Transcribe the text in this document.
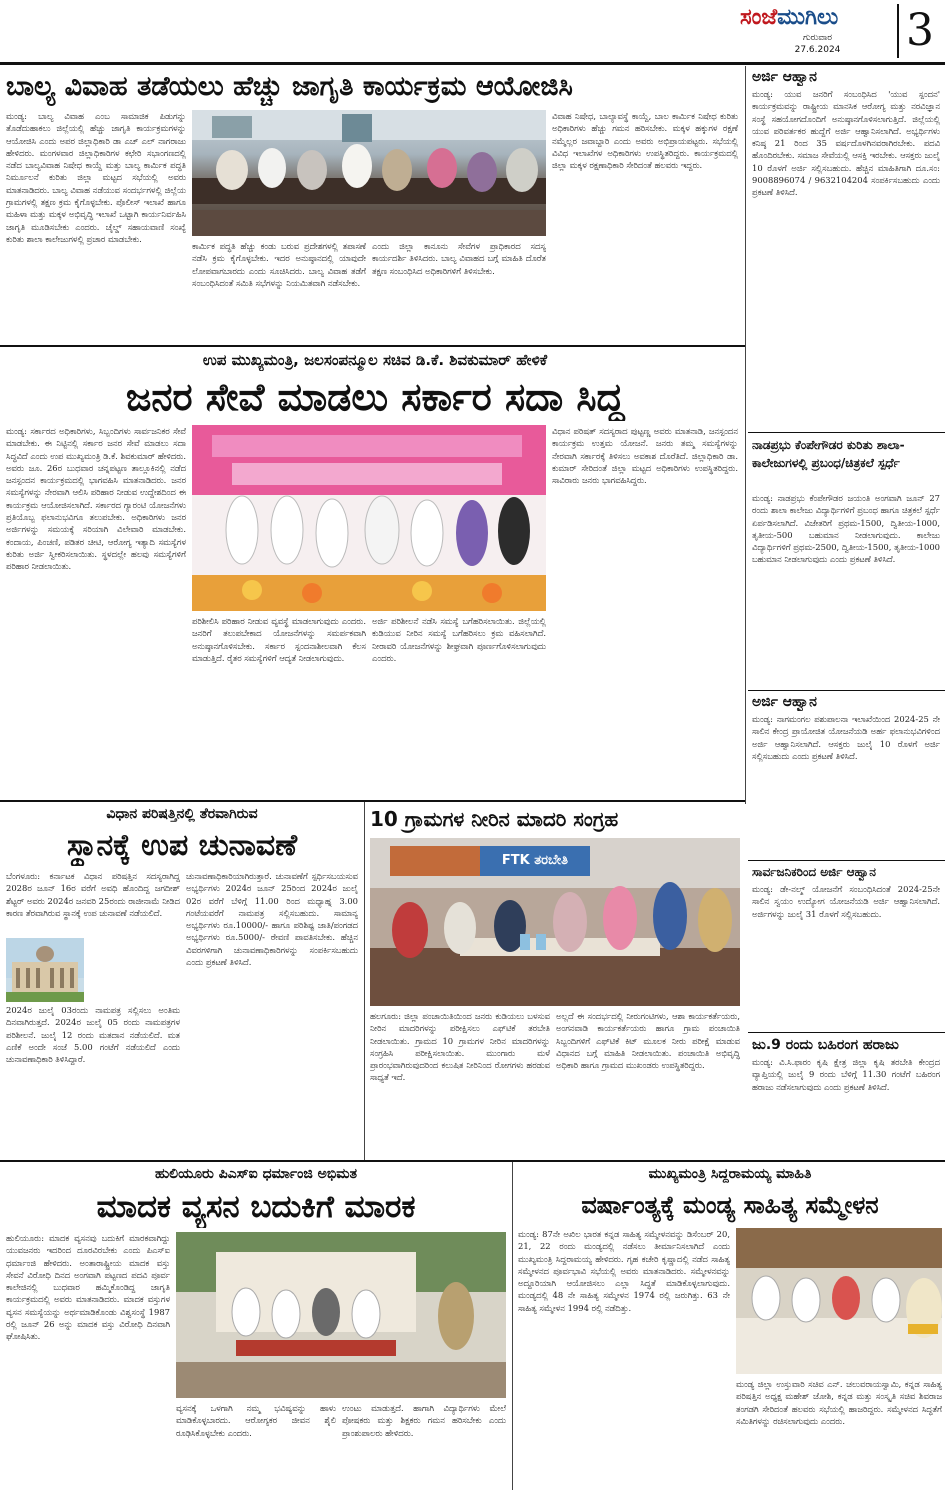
ಸಂಜೆಮುಗಿಲು
ಗುರುವಾರ
27.6.2024	3
ಬಾಲ್ಯ ವಿವಾಹ ತಡೆಯಲು ಹೆಚ್ಚು ಜಾಗೃತಿ ಕಾರ್ಯಕ್ರಮ ಆಯೋಜಿಸಿ
ಮಂಡ್ಯ: ಬಾಲ್ಯ ವಿವಾಹ ಎಂಬ ಸಾಮಾಜಿಕ ಪಿಡುಗನ್ನು ತೊಡೆದುಹಾಕಲು ಜಿಲ್ಲೆಯಲ್ಲಿ ಹೆಚ್ಚು ಜಾಗೃತಿ ಕಾರ್ಯಕ್ರಮಗಳನ್ನು ಆಯೋಜಿಸಿ ಎಂದು ಅಪರ ಜಿಲ್ಲಾಧಿಕಾರಿ ಡಾ ಎಚ್ ಎಲ್ ನಾಗರಾಜು ಹೇಳಿದರು. ಮಂಗಳವಾರ ಜಿಲ್ಲಾಧಿಕಾರಿಗಳ ಕಛೇರಿ ಸಭಾಂಗಣದಲ್ಲಿ ನಡೆದ ಬಾಲ್ಯವಿವಾಹ ನಿಷೇಧ ಕಾಯ್ದೆ ಮತ್ತು ಬಾಲ್ಯ ಕಾರ್ಮಿಕ ಪದ್ಧತಿ ನಿರ್ಮೂಲನೆ ಕುರಿತು ಜಿಲ್ಲಾ ಮಟ್ಟದ ಸಭೆಯಲ್ಲಿ ಅವರು ಮಾತನಾಡಿದರು. ಬಾಲ್ಯ ವಿವಾಹ ನಡೆಯುವ ಸಂದರ್ಭಗಳಲ್ಲಿ ಜಿಲ್ಲೆಯ ಗ್ರಾಮಗಳಲ್ಲಿ ತಕ್ಷಣ ಕ್ರಮ ಕೈಗೊಳ್ಳಬೇಕು. ಪೊಲೀಸ್ ಇಲಾಖೆ ಹಾಗೂ ಮಹಿಳಾ ಮತ್ತು ಮಕ್ಕಳ ಅಭಿವೃದ್ಧಿ ಇಲಾಖೆ ಒಟ್ಟಾಗಿ ಕಾರ್ಯನಿರ್ವಹಿಸಿ ಜಾಗೃತಿ ಮೂಡಿಸಬೇಕು ಎಂದರು. ಚೈಲ್ಡ್ ಸಹಾಯವಾಣಿ ಸಂಖ್ಯೆ ಕುರಿತು ಶಾಲಾ ಕಾಲೇಜುಗಳಲ್ಲಿ ಪ್ರಚಾರ ಮಾಡಬೇಕು.
ಕಾರ್ಮಿಕ ಪದ್ಧತಿ ಹೆಚ್ಚು ಕಂಡು ಬರುವ ಪ್ರದೇಶಗಳಲ್ಲಿ ತಪಾಸಣೆ ನಡೆಸಿ ಕ್ರಮ ಕೈಗೊಳ್ಳಬೇಕು. ಇದರ ಅನುಷ್ಠಾನದಲ್ಲಿ ಯಾವುದೇ ಲೋಪವಾಗಬಾರದು ಎಂದು ಸೂಚಿಸಿದರು. ಬಾಲ್ಯ ವಿವಾಹ ತಡೆಗೆ ಸಂಬಂಧಿಸಿದಂತೆ ಸಮಿತಿ ಸಭೆಗಳನ್ನು ನಿಯಮಿತವಾಗಿ ನಡೆಸಬೇಕು.
ಎಂದು ಜಿಲ್ಲಾ ಕಾನೂನು ಸೇವೆಗಳ ಪ್ರಾಧಿಕಾರದ ಸದಸ್ಯ ಕಾರ್ಯದರ್ಶಿ ತಿಳಿಸಿದರು. ಬಾಲ್ಯ ವಿವಾಹದ ಬಗ್ಗೆ ಮಾಹಿತಿ ದೊರೆತ ತಕ್ಷಣ ಸಂಬಂಧಿಸಿದ ಅಧಿಕಾರಿಗಳಿಗೆ ತಿಳಿಸಬೇಕು.
ವಿವಾಹ ನಿಷೇಧ, ಬಾಲ್ಯಾವಸ್ಥೆ ಕಾಯ್ದೆ, ಬಾಲ ಕಾರ್ಮಿಕ ನಿಷೇಧ ಕುರಿತು ಅಧಿಕಾರಿಗಳು ಹೆಚ್ಚು ಗಮನ ಹರಿಸಬೇಕು. ಮಕ್ಕಳ ಹಕ್ಕುಗಳ ರಕ್ಷಣೆ ನಮ್ಮೆಲ್ಲರ ಜವಾಬ್ದಾರಿ ಎಂದು ಅವರು ಅಭಿಪ್ರಾಯಪಟ್ಟರು. ಸಭೆಯಲ್ಲಿ ವಿವಿಧ ಇಲಾಖೆಗಳ ಅಧಿಕಾರಿಗಳು ಉಪಸ್ಥಿತರಿದ್ದರು. ಕಾರ್ಯಕ್ರಮದಲ್ಲಿ ಜಿಲ್ಲಾ ಮಕ್ಕಳ ರಕ್ಷಣಾಧಿಕಾರಿ ಸೇರಿದಂತೆ ಹಲವರು ಇದ್ದರು.
ಉಪ ಮುಖ್ಯಮಂತ್ರಿ, ಜಲಸಂಪನ್ಮೂಲ ಸಚಿವ ಡಿ.ಕೆ. ಶಿವಕುಮಾರ್ ಹೇಳಿಕೆ
ಜನರ ಸೇವೆ ಮಾಡಲು ಸರ್ಕಾರ ಸದಾ ಸಿದ್ಧ
ಮಂಡ್ಯ: ಸರ್ಕಾರದ ಅಧಿಕಾರಿಗಳು, ಸಿಬ್ಬಂದಿಗಳು ಸಾರ್ವಜನಿಕರ ಸೇವೆ ಮಾಡಬೇಕು. ಈ ನಿಟ್ಟಿನಲ್ಲಿ ಸರ್ಕಾರ ಜನರ ಸೇವೆ ಮಾಡಲು ಸದಾ ಸಿದ್ಧವಿದೆ ಎಂದು ಉಪ ಮುಖ್ಯಮಂತ್ರಿ ಡಿ.ಕೆ. ಶಿವಕುಮಾರ್ ಹೇಳಿದರು. ಅವರು ಜೂ. 26ರ ಬುಧವಾರ ಚನ್ನಪಟ್ಟಣ ತಾಲ್ಲೂಕಿನಲ್ಲಿ ನಡೆದ ಜನಸ್ಪಂದನ ಕಾರ್ಯಕ್ರಮದಲ್ಲಿ ಭಾಗವಹಿಸಿ ಮಾತನಾಡಿದರು. ಜನರ ಸಮಸ್ಯೆಗಳನ್ನು ನೇರವಾಗಿ ಆಲಿಸಿ ಪರಿಹಾರ ನೀಡುವ ಉದ್ದೇಶದಿಂದ ಈ ಕಾರ್ಯಕ್ರಮ ಆಯೋಜಿಸಲಾಗಿದೆ. ಸರ್ಕಾರದ ಗ್ಯಾರಂಟಿ ಯೋಜನೆಗಳು ಪ್ರತಿಯೊಬ್ಬ ಫಲಾನುಭವಿಗೂ ತಲುಪಬೇಕು. ಅಧಿಕಾರಿಗಳು ಜನರ ಅರ್ಜಿಗಳನ್ನು ಸಮಯಕ್ಕೆ ಸರಿಯಾಗಿ ವಿಲೇವಾರಿ ಮಾಡಬೇಕು. ಕಂದಾಯ, ಪಿಂಚಣಿ, ಪಡಿತರ ಚೀಟಿ, ಆರೋಗ್ಯ ಇತ್ಯಾದಿ ಸಮಸ್ಯೆಗಳ ಕುರಿತು ಅರ್ಜಿ ಸ್ವೀಕರಿಸಲಾಯಿತು. ಸ್ಥಳದಲ್ಲೇ ಹಲವು ಸಮಸ್ಯೆಗಳಿಗೆ ಪರಿಹಾರ ನೀಡಲಾಯಿತು.
ಪರಿಶೀಲಿಸಿ ಪರಿಹಾರ ನೀಡುವ ವ್ಯವಸ್ಥೆ ಮಾಡಲಾಗುವುದು ಎಂದರು. ಜನರಿಗೆ ತಲುಪಬೇಕಾದ ಯೋಜನೆಗಳನ್ನು ಸಮರ್ಪಕವಾಗಿ ಅನುಷ್ಠಾನಗೊಳಿಸಬೇಕು. ಸರ್ಕಾರ ಸ್ಪಂದನಾಶೀಲವಾಗಿ ಕೆಲಸ ಮಾಡುತ್ತಿದೆ. ರೈತರ ಸಮಸ್ಯೆಗಳಿಗೆ ಆದ್ಯತೆ ನೀಡಲಾಗುವುದು.
ಅರ್ಜಿ ಪರಿಶೀಲನೆ ನಡೆಸಿ ಸಮಸ್ಯೆ ಬಗೆಹರಿಸಲಾಯಿತು. ಜಿಲ್ಲೆಯಲ್ಲಿ ಕುಡಿಯುವ ನೀರಿನ ಸಮಸ್ಯೆ ಬಗೆಹರಿಸಲು ಕ್ರಮ ವಹಿಸಲಾಗಿದೆ. ನೀರಾವರಿ ಯೋಜನೆಗಳನ್ನು ಶೀಘ್ರವಾಗಿ ಪೂರ್ಣಗೊಳಿಸಲಾಗುವುದು ಎಂದರು.
ವಿಧಾನ ಪರಿಷತ್ ಸದಸ್ಯರಾದ ಪುಟ್ಟಣ್ಣ ಅವರು ಮಾತನಾಡಿ, ಜನಸ್ಪಂದನ ಕಾರ್ಯಕ್ರಮ ಉತ್ತಮ ಯೋಜನೆ. ಜನರು ತಮ್ಮ ಸಮಸ್ಯೆಗಳನ್ನು ನೇರವಾಗಿ ಸರ್ಕಾರಕ್ಕೆ ತಿಳಿಸಲು ಅವಕಾಶ ದೊರೆತಿದೆ. ಜಿಲ್ಲಾಧಿಕಾರಿ ಡಾ. ಕುಮಾರ್ ಸೇರಿದಂತೆ ಜಿಲ್ಲಾ ಮಟ್ಟದ ಅಧಿಕಾರಿಗಳು ಉಪಸ್ಥಿತರಿದ್ದರು. ಸಾವಿರಾರು ಜನರು ಭಾಗವಹಿಸಿದ್ದರು.
ಅರ್ಜಿ ಆಹ್ವಾನ
ಮಂಡ್ಯ: ಯುವ ಜನರಿಗೆ ಸಂಬಂಧಿಸಿದ 'ಯುವ ಸ್ಪಂದನ' ಕಾರ್ಯಕ್ರಮವನ್ನು ರಾಷ್ಟ್ರೀಯ ಮಾನಸಿಕ ಆರೋಗ್ಯ ಮತ್ತು ನರವಿಜ್ಞಾನ ಸಂಸ್ಥೆ ಸಹಯೋಗದೊಂದಿಗೆ ಅನುಷ್ಠಾನಗೊಳಿಸಲಾಗುತ್ತಿದೆ. ಜಿಲ್ಲೆಯಲ್ಲಿ ಯುವ ಪರಿವರ್ತಕರ ಹುದ್ದೆಗೆ ಅರ್ಜಿ ಆಹ್ವಾನಿಸಲಾಗಿದೆ. ಅಭ್ಯರ್ಥಿಗಳು ಕನಿಷ್ಠ 21 ರಿಂದ 35 ವರ್ಷದೊಳಗಿನವರಾಗಿರಬೇಕು. ಪದವಿ ಹೊಂದಿರಬೇಕು. ಸಮಾಜ ಸೇವೆಯಲ್ಲಿ ಆಸಕ್ತಿ ಇರಬೇಕು. ಆಸಕ್ತರು ಜುಲೈ 10 ರೊಳಗೆ ಅರ್ಜಿ ಸಲ್ಲಿಸಬಹುದು. ಹೆಚ್ಚಿನ ಮಾಹಿತಿಗಾಗಿ ದೂ.ಸಂ: 9008896074 / 9632104204 ಸಂಪರ್ಕಿಸಬಹುದು ಎಂದು ಪ್ರಕಟಣೆ ತಿಳಿಸಿದೆ.
ನಾಡಪ್ರಭು ಕೆಂಪೇಗೌಡರ ಕುರಿತು ಶಾಲಾ-ಕಾಲೇಜುಗಳಲ್ಲಿ ಪ್ರಬಂಧ/ಚಿತ್ರಕಲೆ ಸ್ಪರ್ಧೆ
ಮಂಡ್ಯ: ನಾಡಪ್ರಭು ಕೆಂಪೇಗೌಡರ ಜಯಂತಿ ಅಂಗವಾಗಿ ಜೂನ್ 27 ರಂದು ಶಾಲಾ ಕಾಲೇಜು ವಿದ್ಯಾರ್ಥಿಗಳಿಗೆ ಪ್ರಬಂಧ ಹಾಗೂ ಚಿತ್ರಕಲೆ ಸ್ಪರ್ಧೆ ಏರ್ಪಡಿಸಲಾಗಿದೆ. ವಿಜೇತರಿಗೆ ಪ್ರಥಮ-1500, ದ್ವಿತೀಯ-1000, ತೃತೀಯ-500 ಬಹುಮಾನ ನೀಡಲಾಗುವುದು. ಕಾಲೇಜು ವಿದ್ಯಾರ್ಥಿಗಳಿಗೆ ಪ್ರಥಮ-2500, ದ್ವಿತೀಯ-1500, ತೃತೀಯ-1000 ಬಹುಮಾನ ನೀಡಲಾಗುವುದು ಎಂದು ಪ್ರಕಟಣೆ ತಿಳಿಸಿದೆ.
ಅರ್ಜಿ ಆಹ್ವಾನ
ಮಂಡ್ಯ: ನಾಗಮಂಗಲ ಪಶುಪಾಲನಾ ಇಲಾಖೆಯಿಂದ 2024-25 ನೇ ಸಾಲಿನ ಕೇಂದ್ರ ಪ್ರಾಯೋಜಿತ ಯೋಜನೆಯಡಿ ಅರ್ಹ ಫಲಾನುಭವಿಗಳಿಂದ ಅರ್ಜಿ ಆಹ್ವಾನಿಸಲಾಗಿದೆ. ಆಸಕ್ತರು ಜುಲೈ 10 ರೊಳಗೆ ಅರ್ಜಿ ಸಲ್ಲಿಸಬಹುದು ಎಂದು ಪ್ರಕಟಣೆ ತಿಳಿಸಿದೆ.
ಸಾರ್ವಜನಿಕರಿಂದ ಅರ್ಜಿ ಆಹ್ವಾನ
ಮಂಡ್ಯ: ಡೇ-ನಲ್ಮ್ ಯೋಜನೆಗೆ ಸಂಬಂಧಿಸಿದಂತೆ 2024-25ನೇ ಸಾಲಿನ ಸ್ವಯಂ ಉದ್ಯೋಗ ಯೋಜನೆಯಡಿ ಅರ್ಜಿ ಆಹ್ವಾನಿಸಲಾಗಿದೆ. ಅರ್ಜಿಗಳನ್ನು ಜುಲೈ 31 ರೊಳಗೆ ಸಲ್ಲಿಸಬಹುದು.
ಜು.9 ರಂದು ಬಹಿರಂಗ ಹರಾಜು
ಮಂಡ್ಯ: ವಿ.ಸಿ.ಫಾರಂ ಕೃಷಿ ಕ್ಷೇತ್ರ ಜಿಲ್ಲಾ ಕೃಷಿ ತರಬೇತಿ ಕೇಂದ್ರದ ವ್ಯಾಪ್ತಿಯಲ್ಲಿ ಜುಲೈ 9 ರಂದು ಬೆಳಿಗ್ಗೆ 11.30 ಗಂಟೆಗೆ ಬಹಿರಂಗ ಹರಾಜು ನಡೆಸಲಾಗುವುದು ಎಂದು ಪ್ರಕಟಣೆ ತಿಳಿಸಿದೆ.
ವಿಧಾನ ಪರಿಷತ್ತಿನಲ್ಲಿ ತೆರವಾಗಿರುವ
ಸ್ಥಾನಕ್ಕೆ ಉಪ ಚುನಾವಣೆ
ಬೆಂಗಳೂರು: ಕರ್ನಾಟಕ ವಿಧಾನ ಪರಿಷತ್ತಿನ ಸದಸ್ಯರಾಗಿದ್ದ 2028ರ ಜೂನ್ 16ರ ವರೆಗೆ ಅವಧಿ ಹೊಂದಿದ್ದ ಜಗದೀಶ್ ಶೆಟ್ಟರ್ ಅವರು 2024ರ ಜನವರಿ 25ರಂದು ರಾಜೀನಾಮೆ ನೀಡಿದ ಕಾರಣ ತೆರವಾಗಿರುವ ಸ್ಥಾನಕ್ಕೆ ಉಪ ಚುನಾವಣೆ ನಡೆಯಲಿದೆ.
2024ರ ಜುಲೈ 03ರಂದು ನಾಮಪತ್ರ ಸಲ್ಲಿಸಲು ಅಂತಿಮ ದಿನವಾಗಿರುತ್ತದೆ. 2024ರ ಜುಲೈ 05 ರಂದು ನಾಮಪತ್ರಗಳ ಪರಿಶೀಲನೆ. ಜುಲೈ 12 ರಂದು ಮತದಾನ ನಡೆಯಲಿದೆ. ಮತ ಎಣಿಕೆ ಅಂದೇ ಸಂಜೆ 5.00 ಗಂಟೆಗೆ ನಡೆಯಲಿದೆ ಎಂದು ಚುನಾವಣಾಧಿಕಾರಿ ತಿಳಿಸಿದ್ದಾರೆ.
ಚುನಾವಣಾಧಿಕಾರಿಯಾಗಿರುತ್ತಾರೆ. ಚುನಾವಣೆಗೆ ಸ್ಪರ್ಧಿಸಬಯಸುವ ಅಭ್ಯರ್ಥಿಗಳು 2024ರ ಜೂನ್ 25ರಿಂದ 2024ರ ಜುಲೈ 02ರ ವರೆಗೆ ಬೆಳಿಗ್ಗೆ 11.00 ರಿಂದ ಮಧ್ಯಾಹ್ನ 3.00 ಗಂಟೆಯವರೆಗೆ ನಾಮಪತ್ರ ಸಲ್ಲಿಸಬಹುದು. ಸಾಮಾನ್ಯ ಅಭ್ಯರ್ಥಿಗಳು ರೂ.10000/- ಹಾಗೂ ಪರಿಶಿಷ್ಟ ಜಾತಿ/ಪಂಗಡದ ಅಭ್ಯರ್ಥಿಗಳು ರೂ.5000/- ಠೇವಣಿ ಪಾವತಿಸಬೇಕು. ಹೆಚ್ಚಿನ ವಿವರಗಳಿಗಾಗಿ ಚುನಾವಣಾಧಿಕಾರಿಗಳನ್ನು ಸಂಪರ್ಕಿಸಬಹುದು ಎಂದು ಪ್ರಕಟಣೆ ತಿಳಿಸಿದೆ.
10 ಗ್ರಾಮಗಳ ನೀರಿನ ಮಾದರಿ ಸಂಗ್ರಹ
FTK ತರಬೇತಿ
ಹಲಗೂರು: ಜಿಲ್ಲಾ ಪಂಚಾಯಿತಿಯಿಂದ ಜನರು ಕುಡಿಯಲು ಬಳಸುವ ನೀರಿನ ಮಾದರಿಗಳನ್ನು ಪರೀಕ್ಷಿಸಲು ಎಫ್‌ಟಿಕೆ ತರಬೇತಿ ನೀಡಲಾಯಿತು. ಗ್ರಾಮದ 10 ಗ್ರಾಮಗಳ ನೀರಿನ ಮಾದರಿಗಳನ್ನು ಸಂಗ್ರಹಿಸಿ ಪರೀಕ್ಷಿಸಲಾಯಿತು. ಮುಂಗಾರು ಮಳೆ ಪ್ರಾರಂಭವಾಗಿರುವುದರಿಂದ ಕಲುಷಿತ ನೀರಿನಿಂದ ರೋಗಗಳು ಹರಡುವ ಸಾಧ್ಯತೆ ಇದೆ.
ಅಲ್ಲದೆ ಈ ಸಂದರ್ಭದಲ್ಲಿ ನೀರುಗಂಟಿಗಳು, ಆಶಾ ಕಾರ್ಯಕರ್ತೆಯರು, ಅಂಗನವಾಡಿ ಕಾರ್ಯಕರ್ತೆಯರು ಹಾಗೂ ಗ್ರಾಮ ಪಂಚಾಯಿತಿ ಸಿಬ್ಬಂದಿಗಳಿಗೆ ಎಫ್‌ಟಿಕೆ ಕಿಟ್ ಮೂಲಕ ನೀರು ಪರೀಕ್ಷೆ ಮಾಡುವ ವಿಧಾನದ ಬಗ್ಗೆ ಮಾಹಿತಿ ನೀಡಲಾಯಿತು. ಪಂಚಾಯಿತಿ ಅಭಿವೃದ್ಧಿ ಅಧಿಕಾರಿ ಹಾಗೂ ಗ್ರಾಮದ ಮುಖಂಡರು ಉಪಸ್ಥಿತರಿದ್ದರು.
ಹುಲಿಯೂರು ಪಿಎಸ್ಐ ಧರ್ಮಾಂಜಿ ಅಭಿಮತ
ಮಾದಕ ವ್ಯಸನ ಬದುಕಿಗೆ ಮಾರಕ
ಹುಲಿಯೂರು: ಮಾದಕ ವ್ಯಸನವು ಬದುಕಿಗೆ ಮಾರಕವಾಗಿದ್ದು ಯುವಜನರು ಇದರಿಂದ ದೂರವಿರಬೇಕು ಎಂದು ಪಿಎಸ್‌ಐ ಧರ್ಮಾಂಜಿ ಹೇಳಿದರು. ಅಂತಾರಾಷ್ಟ್ರೀಯ ಮಾದಕ ವಸ್ತು ಸೇವನೆ ವಿರೋಧಿ ದಿನದ ಅಂಗವಾಗಿ ಪಟ್ಟಣದ ಪದವಿ ಪೂರ್ವ ಕಾಲೇಜಿನಲ್ಲಿ ಬುಧವಾರ ಹಮ್ಮಿಕೊಂಡಿದ್ದ ಜಾಗೃತಿ ಕಾರ್ಯಕ್ರಮದಲ್ಲಿ ಅವರು ಮಾತನಾಡಿದರು. ಮಾದಕ ವಸ್ತುಗಳ ವ್ಯಸನ ಸಮಸ್ಯೆಯನ್ನು ಅರ್ಥಮಾಡಿಕೊಂಡು ವಿಶ್ವಸಂಸ್ಥೆ 1987 ರಲ್ಲಿ ಜೂನ್ 26 ಅನ್ನು ಮಾದಕ ವಸ್ತು ವಿರೋಧಿ ದಿನವಾಗಿ ಘೋಷಿಸಿತು.
ವ್ಯಸನಕ್ಕೆ ಒಳಗಾಗಿ ನಮ್ಮ ಭವಿಷ್ಯವನ್ನು ಹಾಳು ಮಾಡಿಕೊಳ್ಳಬಾರದು. ಆರೋಗ್ಯಕರ ಜೀವನ ಶೈಲಿ ರೂಢಿಸಿಕೊಳ್ಳಬೇಕು ಎಂದರು.
ಉಂಟು ಮಾಡುತ್ತದೆ. ಹಾಗಾಗಿ ವಿದ್ಯಾರ್ಥಿಗಳು ಮೇಲೆ ಪೋಷಕರು ಮತ್ತು ಶಿಕ್ಷಕರು ಗಮನ ಹರಿಸಬೇಕು ಎಂದು ಪ್ರಾಂಶುಪಾಲರು ಹೇಳಿದರು.
ಮುಖ್ಯಮಂತ್ರಿ ಸಿದ್ದರಾಮಯ್ಯ ಮಾಹಿತಿ
ವರ್ಷಾಂತ್ಯಕ್ಕೆ ಮಂಡ್ಯ ಸಾಹಿತ್ಯ ಸಮ್ಮೇಳನ
ಮಂಡ್ಯ: 87ನೇ ಅಖಿಲ ಭಾರತ ಕನ್ನಡ ಸಾಹಿತ್ಯ ಸಮ್ಮೇಳನವನ್ನು ಡಿಸೆಂಬರ್ 20, 21, 22 ರಂದು ಮಂಡ್ಯದಲ್ಲಿ ನಡೆಸಲು ತೀರ್ಮಾನಿಸಲಾಗಿದೆ ಎಂದು ಮುಖ್ಯಮಂತ್ರಿ ಸಿದ್ದರಾಮಯ್ಯ ಹೇಳಿದರು. ಗೃಹ ಕಚೇರಿ ಕೃಷ್ಣಾದಲ್ಲಿ ನಡೆದ ಸಾಹಿತ್ಯ ಸಮ್ಮೇಳನದ ಪೂರ್ವಭಾವಿ ಸಭೆಯಲ್ಲಿ ಅವರು ಮಾತನಾಡಿದರು. ಸಮ್ಮೇಳನವನ್ನು ಅದ್ದೂರಿಯಾಗಿ ಆಯೋಜಿಸಲು ಎಲ್ಲಾ ಸಿದ್ಧತೆ ಮಾಡಿಕೊಳ್ಳಲಾಗುವುದು. ಮಂಡ್ಯದಲ್ಲಿ 48 ನೇ ಸಾಹಿತ್ಯ ಸಮ್ಮೇಳನ 1974 ರಲ್ಲಿ ಜರುಗಿತ್ತು. 63 ನೇ ಸಾಹಿತ್ಯ ಸಮ್ಮೇಳನ 1994 ರಲ್ಲಿ ನಡೆದಿತ್ತು.
ಮಂಡ್ಯ ಜಿಲ್ಲಾ ಉಸ್ತುವಾರಿ ಸಚಿವ ಎನ್. ಚಲುವರಾಯಸ್ವಾಮಿ, ಕನ್ನಡ ಸಾಹಿತ್ಯ ಪರಿಷತ್ತಿನ ಅಧ್ಯಕ್ಷ ಮಹೇಶ್ ಜೋಶಿ, ಕನ್ನಡ ಮತ್ತು ಸಂಸ್ಕೃತಿ ಸಚಿವ ಶಿವರಾಜ ತಂಗಡಗಿ ಸೇರಿದಂತೆ ಹಲವರು ಸಭೆಯಲ್ಲಿ ಹಾಜರಿದ್ದರು. ಸಮ್ಮೇಳನದ ಸಿದ್ಧತೆಗೆ ಸಮಿತಿಗಳನ್ನು ರಚಿಸಲಾಗುವುದು ಎಂದರು.
